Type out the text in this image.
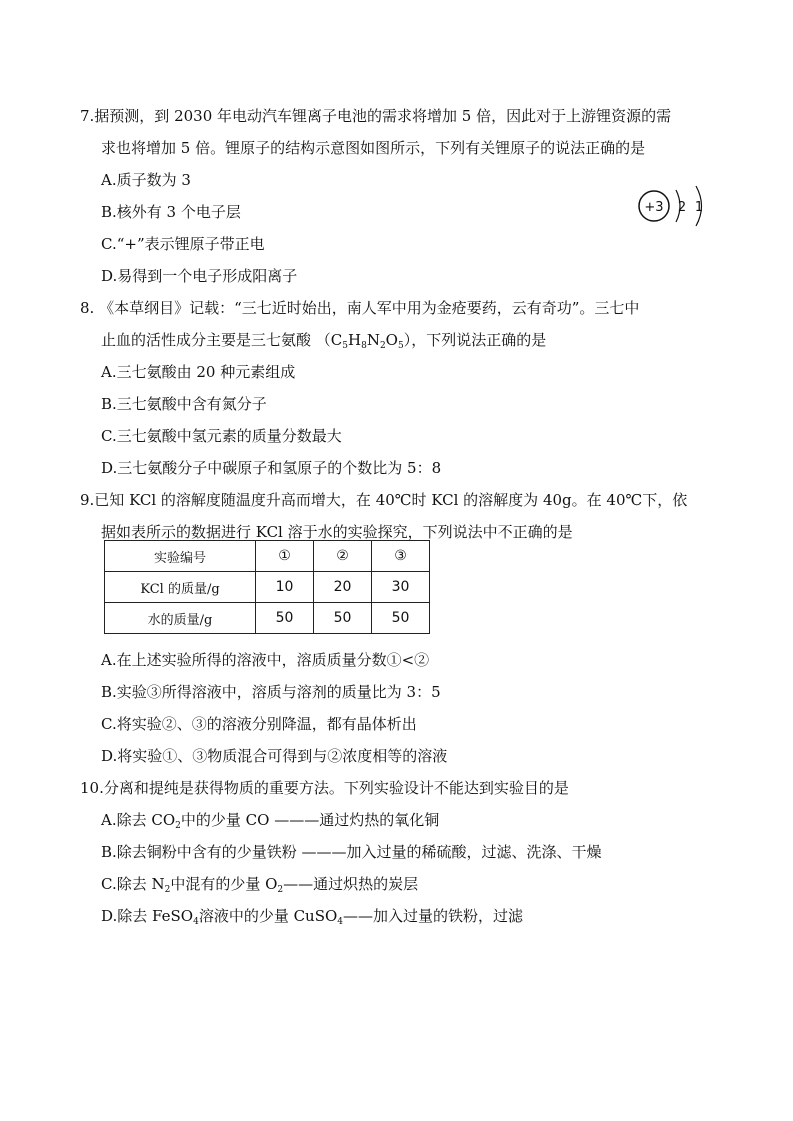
7.据预测，到 2030 年电动汽车锂离子电池的需求将增加 5 倍，因此对于上游锂资源的需
求也将增加 5 倍。锂原子的结构示意图如图所示，下列有关锂原子的说法正确的是
A.质子数为 3
B.核外有 3 个电子层
C.“+”表示锂原子带正电
D.易得到一个电子形成阳离子
+3 2 1
8. 《本草纲目》记载：“三七近时始出，南人军中用为金疮要药，云有奇功”。三七中
止血的活性成分主要是三七氨酸 $(C_5H_8N_2O_5)$，下列说法正确的是
A.三七氨酸由 20 种元素组成
B.三七氨酸中含有氮分子
C.三七氨酸中氢元素的质量分数最大
D.三七氨酸分子中碳原子和氢原子的个数比为 5：8
9.已知 KCl 的溶解度随温度升高而增大，在 40℃时 KCl 的溶解度为 40g。在 40℃下，依
据如表所示的数据进行 KCl 溶于水的实验探究，下列说法中不正确的是
实验编号	①	②	③
KCl 的质量/g	10	20	30
水的质量/g	50	50	50
A.在上述实验所得的溶液中，溶质质量分数①<②
B.实验③所得溶液中，溶质与溶剂的质量比为 3：5
C.将实验②、③的溶液分别降温，都有晶体析出
D.将实验①、③物质混合可得到与②浓度相等的溶液
10.分离和提纯是获得物质的重要方法。下列实验设计不能达到实验目的是
A.除去 $CO_2$中的少量 CO ———通过灼热的氧化铜
B.除去铜粉中含有的少量铁粉 ———加入过量的稀硫酸，过滤、洗涤、干燥
C.除去 $N_2$中混有的少量 $O_2——$通过炽热的炭层
D.除去 FeSO$_4$溶液中的少量 CuSO$_4$——加入过量的铁粉，过滤
